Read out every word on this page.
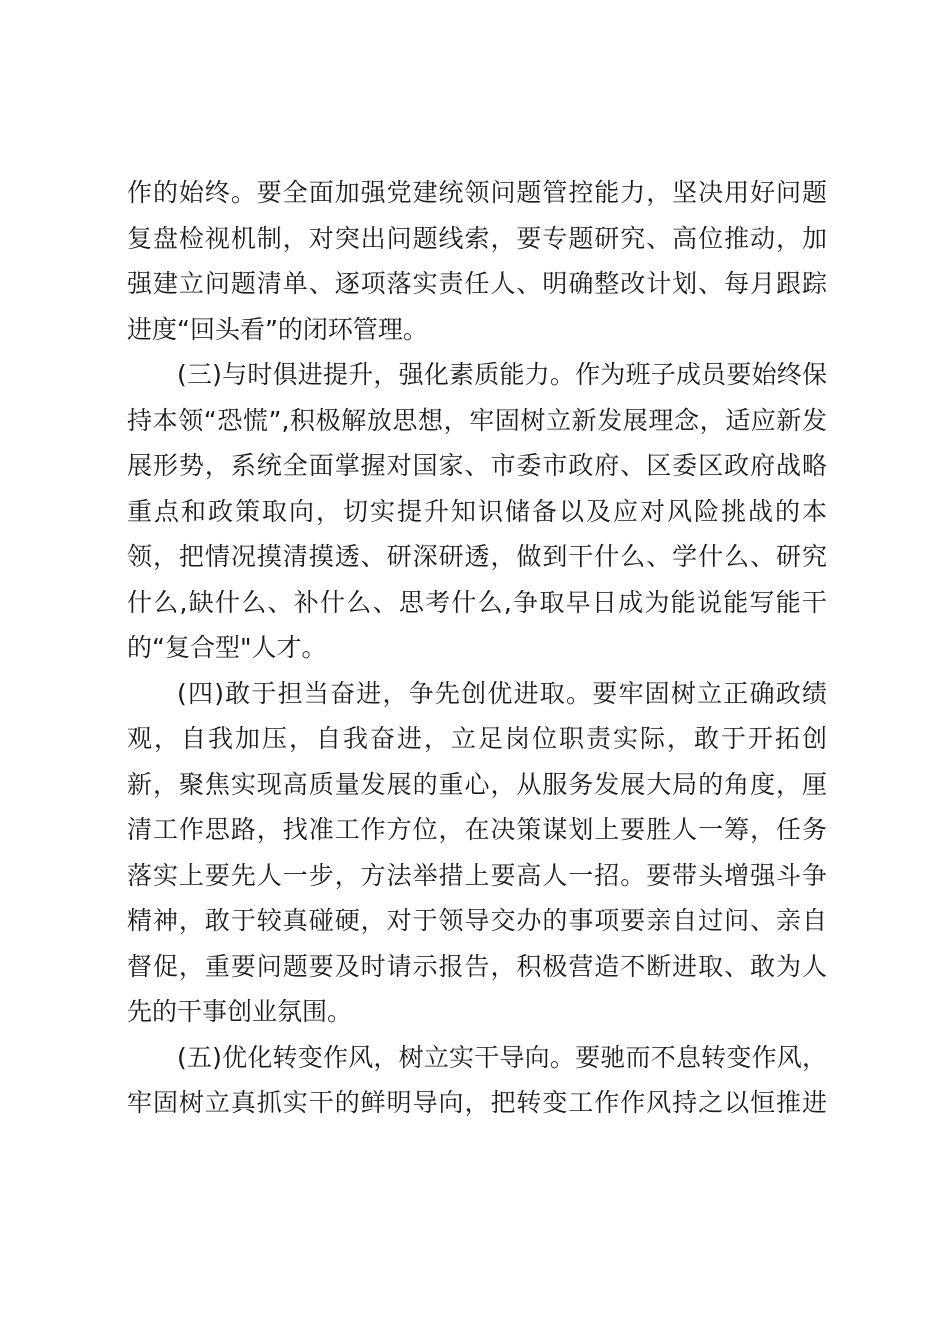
作的始终。要全面加强党建统领问题管控能力，坚决用好问题
复盘检视机制，对突出问题线索，要专题研究、高位推动，加
强建立问题清单、逐项落实责任人、明确整改计划、每月跟踪
进度“回头看”的闭环管理。
(三)与时俱进提升，强化素质能力。作为班子成员要始终保
持本领“恐慌”,积极解放思想，牢固树立新发展理念，适应新发
展形势，系统全面掌握对国家、市委市政府、区委区政府战略
重点和政策取向，切实提升知识储备以及应对风险挑战的本
领，把情况摸清摸透、研深研透，做到干什么、学什么、研究
什么,缺什么、补什么、思考什么,争取早日成为能说能写能干
的“复合型"人才。
(四)敢于担当奋进，争先创优进取。要牢固树立正确政绩
观，自我加压，自我奋进，立足岗位职责实际，敢于开拓创
新，聚焦实现高质量发展的重心，从服务发展大局的角度，厘
清工作思路，找准工作方位，在决策谋划上要胜人一筹，任务
落实上要先人一步，方法举措上要高人一招。要带头增强斗争
精神，敢于较真碰硬，对于领导交办的事项要亲自过问、亲自
督促，重要问题要及时请示报告，积极营造不断进取、敢为人
先的干事创业氛围。
(五)优化转变作风，树立实干导向。要驰而不息转变作风，
牢固树立真抓实干的鲜明导向，把转变工作作风持之以恒推进
